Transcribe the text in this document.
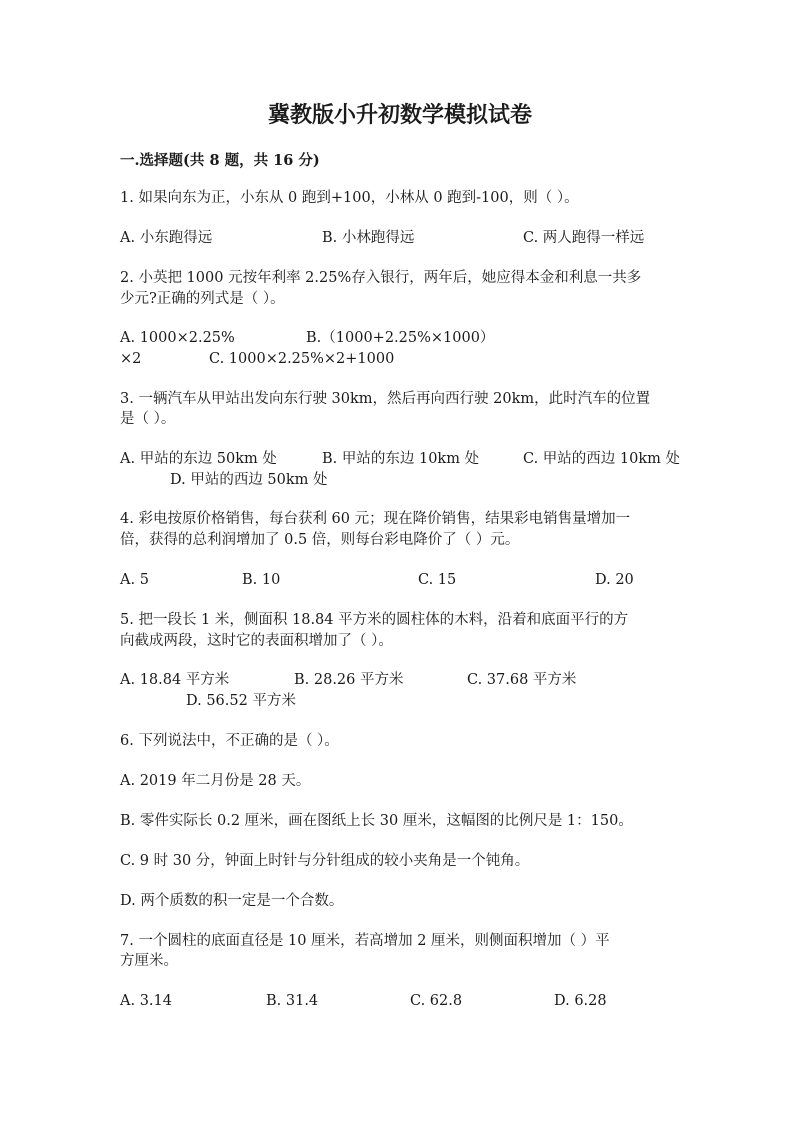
冀教版小升初数学模拟试卷
一.选择题(共 8 题，共 16 分)
1. 如果向东为正，小东从 0 跑到+100，小林从 0 跑到-100，则（ ）。
A. 小东跑得远	B. 小林跑得远	C. 两人跑得一样远
2. 小英把 1000 元按年利率 2.25%存入银行，两年后，她应得本金和利息一共多
少元?正确的列式是（ ）。
A. 1000×2.25%	B.（1000+2.25%×1000）
×2	C. 1000×2.25%×2+1000
3. 一辆汽车从甲站出发向东行驶 30km，然后再向西行驶 20km，此时汽车的位置
是（ ）。
A. 甲站的东边 50km 处	B. 甲站的东边 10km 处	C. 甲站的西边 10km 处
D. 甲站的西边 50km 处
4. 彩电按原价格销售，每台获利 60 元；现在降价销售，结果彩电销售量增加一
倍，获得的总利润增加了 0.5 倍，则每台彩电降价了（ ）元。
A. 5	B. 10	C. 15	D. 20
5. 把一段长 1 米，侧面积 18.84 平方米的圆柱体的木料，沿着和底面平行的方
向截成两段，这时它的表面积增加了（ ）。
A. 18.84 平方米	B. 28.26 平方米	C. 37.68 平方米
D. 56.52 平方米
6. 下列说法中，不正确的是（ ）。
A. 2019 年二月份是 28 天。
B. 零件实际长 0.2 厘米，画在图纸上长 30 厘米，这幅图的比例尺是 1：150。
C. 9 时 30 分，钟面上时针与分针组成的较小夹角是一个钝角。
D. 两个质数的积一定是一个合数。
7. 一个圆柱的底面直径是 10 厘米，若高增加 2 厘米，则侧面积增加（ ）平
方厘米。
A. 3.14	B. 31.4	C. 62.8	D. 6.28
